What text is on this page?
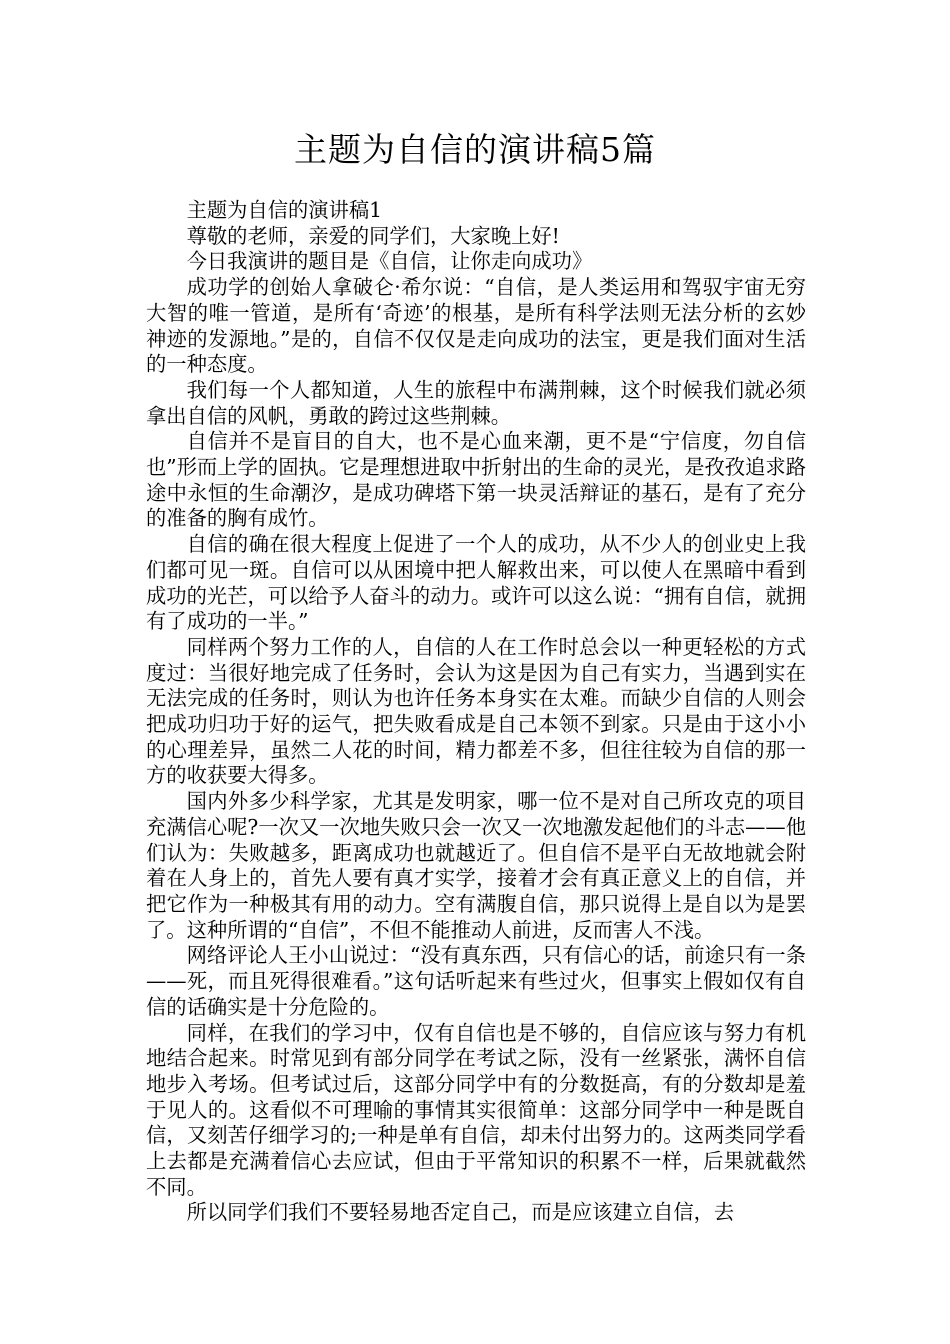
主题为自信的演讲稿5篇

主题为自信的演讲稿1

尊敬的老师，亲爱的同学们，大家晚上好!

今日我演讲的题目是《自信，让你走向成功》

成功学的创始人拿破仑·希尔说：“自信，是人类运用和驾驭宇宙无穷大智的唯一管道，是所有‘奇迹’的根基，是所有科学法则无法分析的玄妙神迹的发源地。”是的，自信不仅仅是走向成功的法宝，更是我们面对生活的一种态度。

我们每一个人都知道，人生的旅程中布满荆棘，这个时候我们就必须拿出自信的风帆，勇敢的跨过这些荆棘。

自信并不是盲目的自大，也不是心血来潮，更不是“宁信度，勿自信也”形而上学的固执。它是理想进取中折射出的生命的灵光，是孜孜追求路途中永恒的生命潮汐，是成功碑塔下第一块灵活辩证的基石，是有了充分的准备的胸有成竹。

自信的确在很大程度上促进了一个人的成功，从不少人的创业史上我们都可见一斑。自信可以从困境中把人解救出来，可以使人在黑暗中看到成功的光芒，可以给予人奋斗的动力。或许可以这么说：“拥有自信，就拥有了成功的一半。”

同样两个努力工作的人，自信的人在工作时总会以一种更轻松的方式度过：当很好地完成了任务时，会认为这是因为自己有实力，当遇到实在无法完成的任务时，则认为也许任务本身实在太难。而缺少自信的人则会把成功归功于好的运气，把失败看成是自己本领不到家。只是由于这小小的心理差异，虽然二人花的时间，精力都差不多，但往往较为自信的那一方的收获要大得多。

国内外多少科学家，尤其是发明家，哪一位不是对自己所攻克的项目充满信心呢?一次又一次地失败只会一次又一次地激发起他们的斗志——他们认为：失败越多，距离成功也就越近了。但自信不是平白无故地就会附着在人身上的，首先人要有真才实学，接着才会有真正意义上的自信，并把它作为一种极其有用的动力。空有满腹自信，那只说得上是自以为是罢了。这种所谓的“自信”，不但不能推动人前进，反而害人不浅。

网络评论人王小山说过：“没有真东西，只有信心的话，前途只有一条——死，而且死得很难看。”这句话听起来有些过火，但事实上假如仅有自信的话确实是十分危险的。

同样，在我们的学习中，仅有自信也是不够的，自信应该与努力有机地结合起来。时常见到有部分同学在考试之际，没有一丝紧张，满怀自信地步入考场。但考试过后，这部分同学中有的分数挺高，有的分数却是羞于见人的。这看似不可理喻的事情其实很简单：这部分同学中一种是既自信，又刻苦仔细学习的;一种是单有自信，却未付出努力的。这两类同学看上去都是充满着信心去应试，但由于平常知识的积累不一样，后果就截然不同。

所以同学们我们不要轻易地否定自己，而是应该建立自信，去
